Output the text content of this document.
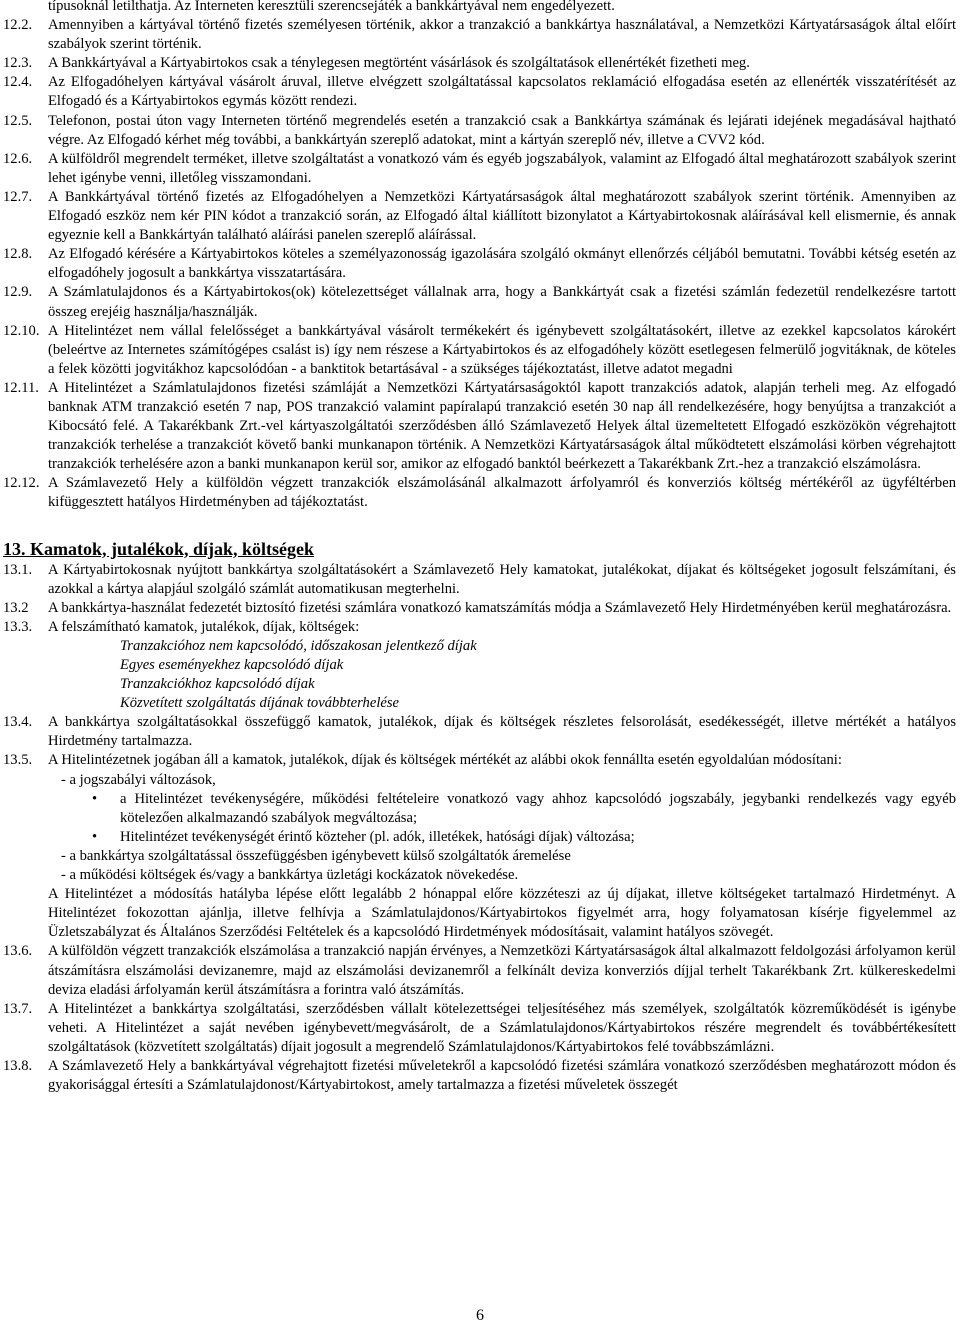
típusoknál letilthatja. Az Interneten keresztüli szerencsejáték a bankkártyával nem engedélyezett.
12.2. Amennyiben a kártyával történő fizetés személyesen történik, akkor a tranzakció a bankkártya használatával, a Nemzetközi Kártyatársaságok által előírt szabályok szerint történik.
12.3. A Bankkártyával a Kártyabirtokos csak a ténylegesen megtörtént vásárlások és szolgáltatások ellenértékét fizetheti meg.
12.4. Az Elfogadóhelyen kártyával vásárolt áruval, illetve elvégzett szolgáltatással kapcsolatos reklamáció elfogadása esetén az ellenérték visszatérítését az Elfogadó és a Kártyabirtokos egymás között rendezi.
12.5. Telefonon, postai úton vagy Interneten történő megrendelés esetén a tranzakció csak a Bankkártya számának és lejárati idejének megadásával hajtható végre. Az Elfogadó kérhet még további, a bankkártyán szereplő adatokat, mint a kártyán szereplő név, illetve a CVV2 kód.
12.6. A külföldről megrendelt terméket, illetve szolgáltatást a vonatkozó vám és egyéb jogszabályok, valamint az Elfogadó által meghatározott szabályok szerint lehet igénybe venni, illetőleg visszamondani.
12.7. A Bankkártyával történő fizetés az Elfogadóhelyen a Nemzetközi Kártyatársaságok által meghatározott szabályok szerint történik. Amennyiben az Elfogadó eszköz nem kér PIN kódot a tranzakció során, az Elfogadó által kiállított bizonylatot a Kártyabirtokosnak aláírásával kell elismernie, és annak egyeznie kell a Bankkártyán található aláírási panelen szereplő aláírással.
12.8. Az Elfogadó kérésére a Kártyabirtokos köteles a személyazonosság igazolására szolgáló okmányt ellenőrzés céljából bemutatni. További kétség esetén az elfogadóhely jogosult a bankkártya visszatartására.
12.9. A Számlatulajdonos és a Kártyabirtokos(ok) kötelezettséget vállalnak arra, hogy a Bankkártyát csak a fizetési számlán fedezetül rendelkezésre tartott összeg erejéig használja/használják.
12.10. A Hitelintézet nem vállal felelősséget a bankkártyával vásárolt termékekért és igénybevett szolgáltatásokért, illetve az ezekkel kapcsolatos károkért (beleértve az Internetes számítógépes csalást is) így nem részese a Kártyabirtokos és az elfogadóhely között esetlegesen felmerülő jogvitáknak, de köteles a felek közötti jogvitákhoz kapcsolódóan - a banktitok betartásával - a szükséges tájékoztatást, illetve adatot megadni
12.11. A Hitelintézet a Számlatulajdonos fizetési számláját a Nemzetközi Kártyatársaságoktól kapott tranzakciós adatok, alapján terheli meg. Az elfogadó banknak ATM tranzakció esetén 7 nap, POS tranzakció valamint papíralapú tranzakció esetén 30 nap áll rendelkezésére, hogy benyújtsa a tranzakciót a Kibocsátó felé. A Takarékbank Zrt.-vel kártyaszolgáltatói szerződésben álló Számlavezető Helyek által üzemeltetett Elfogadó eszközökön végrehajtott tranzakciók terhelése a tranzakciót követő banki munkanapon történik. A Nemzetközi Kártyatársaságok által működtetett elszámolási körben végrehajtott tranzakciók terhelésére azon a banki munkanapon kerül sor, amikor az elfogadó banktól beérkezett a Takarékbank Zrt.-hez a tranzakció elszámolásra.
12.12. A Számlavezető Hely a külföldön végzett tranzakciók elszámolásánál alkalmazott árfolyamról és konverziós költség mértékéről az ügyféltérben kifüggesztett hatályos Hirdetményben ad tájékoztatást.
13. Kamatok, jutalékok, díjak, költségek
13.1. A Kártyabirtokosnak nyújtott bankkártya szolgáltatásokért a Számlavezető Hely kamatokat, jutalékokat, díjakat és költségeket jogosult felszámítani, és azokkal a kártya alapjául szolgáló számlát automatikusan megterhelni.
13.2 A bankkártya-használat fedezetét biztosító fizetési számlára vonatkozó kamatszámítás módja a Számlavezető Hely Hirdetményében kerül meghatározásra.
13.3. A felszámítható kamatok, jutalékok, díjak, költségek:
Tranzakcióhoz nem kapcsolódó, időszakosan jelentkező díjak
Egyes eseményekhez kapcsolódó díjak
Tranzakciókhoz kapcsolódó díjak
Közvetített szolgáltatás díjának továbbterhelése
13.4. A bankkártya szolgáltatásokkal összefüggő kamatok, jutalékok, díjak és költségek részletes felsorolását, esedékességét, illetve mértékét a hatályos Hirdetmény tartalmazza.
13.5. A Hitelintézetnek jogában áll a kamatok, jutalékok, díjak és költségek mértékét az alábbi okok fennállta esetén egyoldalúan módosítani:
- a jogszabályi változások,
• a Hitelintézet tevékenységére, működési feltételeire vonatkozó vagy ahhoz kapcsolódó jogszabály, jegybanki rendelkezés vagy egyéb kötelezően alkalmazandó szabályok megváltozása;
• Hitelintézet tevékenységét érintő közteher (pl. adók, illetékek, hatósági díjak) változása;
- a bankkártya szolgáltatással összefüggésben igénybevett külső szolgáltatók áremelése
- a működési költségek és/vagy a bankkártya üzletági kockázatok növekedése.
A Hitelintézet a módosítás hatályba lépése előtt legalább 2 hónappal előre közzéteszi az új díjakat, illetve költségeket tartalmazó Hirdetményt. A Hitelintézet fokozottan ajánlja, illetve felhívja a Számlatulajdonos/Kártyabirtokos figyelmét arra, hogy folyamatosan kísérje figyelemmel az Üzletszabályzat és Általános Szerződési Feltételek és a kapcsolódó Hirdetmények módosításait, valamint hatályos szövegét.
13.6. A külföldön végzett tranzakciók elszámolása a tranzakció napján érvényes, a Nemzetközi Kártyatársaságok által alkalmazott feldolgozási árfolyamon kerül átszámításra elszámolási devizanemre, majd az elszámolási devizanemről a felkínált deviza konverziós díjjal terhelt Takarékbank Zrt. külkereskedelmi deviza eladási árfolyamán kerül átszámításra a forintra való átszámítás.
13.7. A Hitelintézet a bankkártya szolgáltatási, szerződésben vállalt kötelezettségei teljesítéséhez más személyek, szolgáltatók közreműködését is igénybe veheti. A Hitelintézet a saját nevében igénybevett/megvásárolt, de a Számlatulajdonos/Kártyabirtokos részére megrendelt és továbbértékesített szolgáltatások (közvetített szolgáltatás) díjait jogosult a megrendelő Számlatulajdonos/Kártyabirtokos felé továbbszámlázni.
13.8. A Számlavezető Hely a bankkártyával végrehajtott fizetési műveletekről a kapcsolódó fizetési számlára vonatkozó szerződésben meghatározott módon és gyakorisággal értesíti a Számlatulajdonost/Kártyabirtokost, amely tartalmazza a fizetési műveletek összegét
6
